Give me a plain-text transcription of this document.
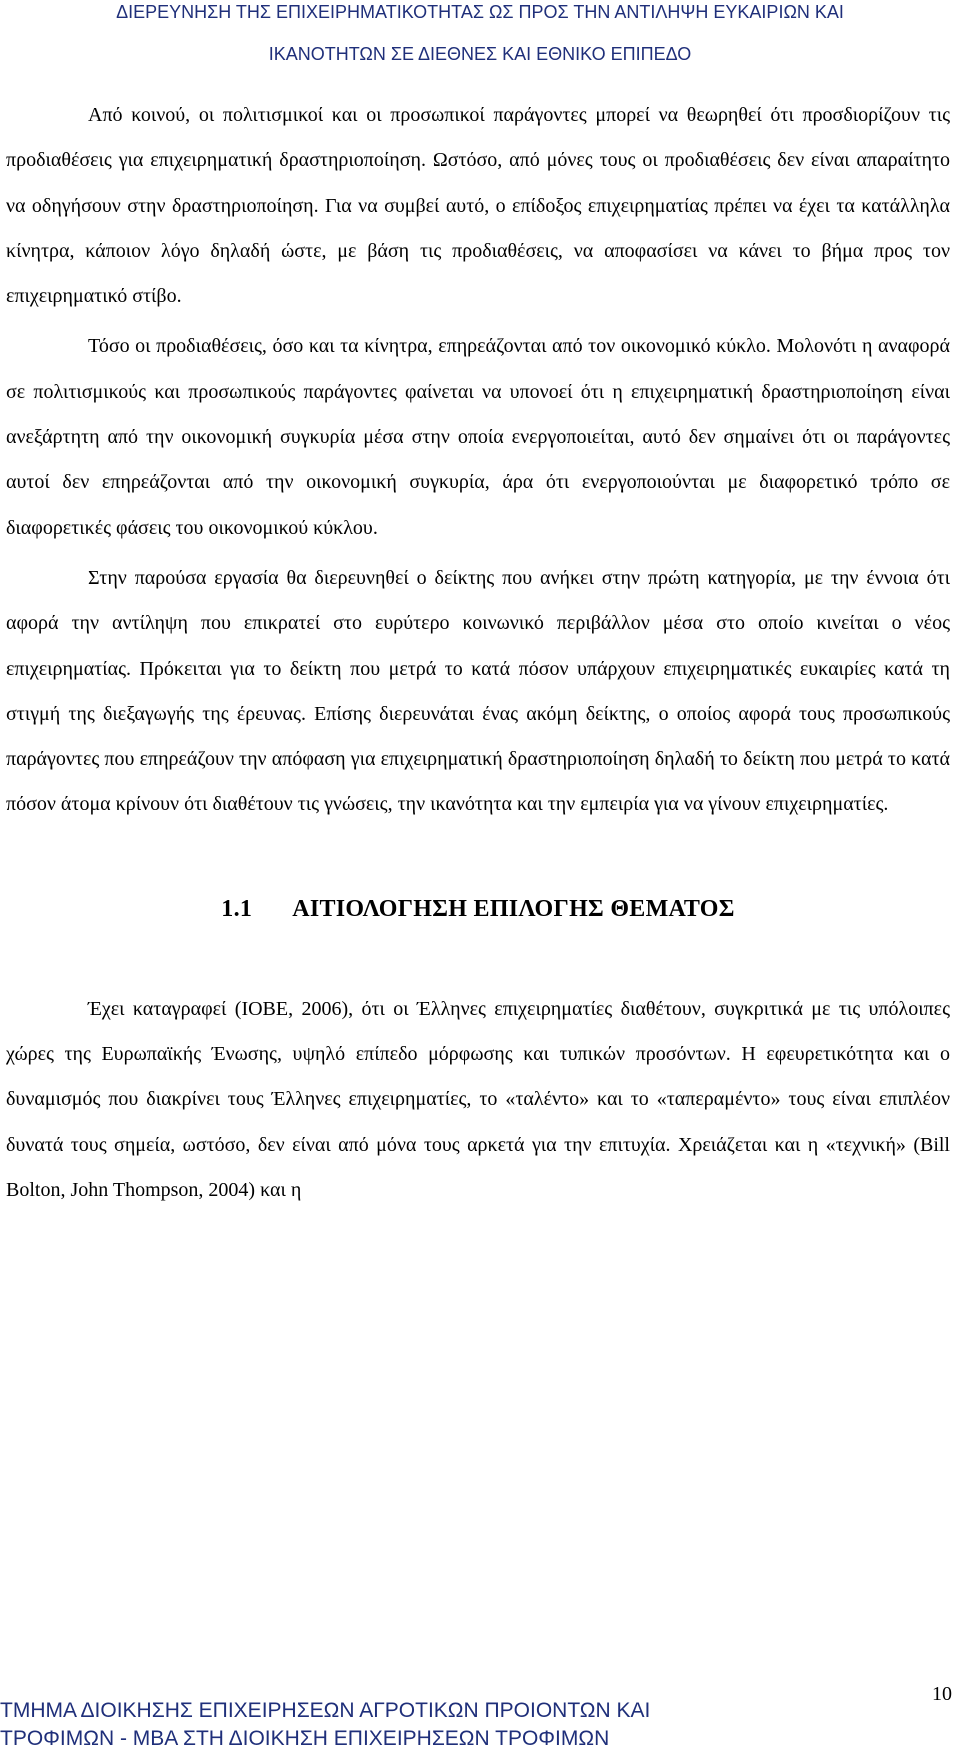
ΔΙΕΡΕΥΝΗΣΗ ΤΗΣ ΕΠΙΧΕΙΡΗΜΑΤΙΚΟΤΗΤΑΣ ΩΣ ΠΡΟΣ ΤΗΝ ΑΝΤΙΛΗΨΗ ΕΥΚΑΙΡΙΩΝ ΚΑΙ
ΙΚΑΝΟΤΗΤΩΝ ΣΕ ΔΙΕΘΝΕΣ ΚΑΙ ΕΘΝΙΚΟ ΕΠΙΠΕΔΟ

Από κοινού, οι πολιτισμικοί και οι προσωπικοί παράγοντες μπορεί να θεωρηθεί ότι προσδιορίζουν τις προδιαθέσεις για επιχειρηματική δραστηριοποίηση. Ωστόσο, από μόνες τους οι προδιαθέσεις δεν είναι απαραίτητο να οδηγήσουν στην δραστηριοποίηση. Για να συμβεί αυτό, ο επίδοξος επιχειρηματίας πρέπει να έχει τα κατάλληλα κίνητρα, κάποιον λόγο δηλαδή ώστε, με βάση τις προδιαθέσεις, να αποφασίσει να κάνει το βήμα προς τον επιχειρηματικό στίβο.

Τόσο οι προδιαθέσεις, όσο και τα κίνητρα, επηρεάζονται από τον οικονομικό κύκλο. Μολονότι η αναφορά σε πολιτισμικούς και προσωπικούς παράγοντες φαίνεται να υπονοεί ότι η επιχειρηματική δραστηριοποίηση είναι ανεξάρτητη από την οικονομική συγκυρία μέσα στην οποία ενεργοποιείται, αυτό δεν σημαίνει ότι οι παράγοντες αυτοί δεν επηρεάζονται από την οικονομική συγκυρία, άρα ότι ενεργοποιούνται με διαφορετικό τρόπο σε διαφορετικές φάσεις του οικονομικού κύκλου.

Στην παρούσα εργασία θα διερευνηθεί ο δείκτης που ανήκει στην πρώτη κατηγορία, με την έννοια ότι αφορά την αντίληψη που επικρατεί στο ευρύτερο κοινωνικό περιβάλλον μέσα στο οποίο κινείται ο νέος επιχειρηματίας. Πρόκειται για το δείκτη που μετρά το κατά πόσον υπάρχουν επιχειρηματικές ευκαιρίες κατά τη στιγμή της διεξαγωγής της έρευνας. Επίσης διερευνάται ένας ακόμη δείκτης, ο οποίος αφορά τους προσωπικούς παράγοντες που επηρεάζουν την απόφαση για επιχειρηματική δραστηριοποίηση δηλαδή το δείκτη που μετρά το κατά πόσον άτομα κρίνουν ότι διαθέτουν τις γνώσεις, την ικανότητα και την εμπειρία για να γίνουν επιχειρηματίες.

1.1 ΑΙΤΙΟΛΟΓΗΣΗ ΕΠΙΛΟΓΗΣ ΘΕΜΑΤΟΣ

Έχει καταγραφεί (ΙΟΒΕ, 2006), ότι οι Έλληνες επιχειρηματίες διαθέτουν, συγκριτικά με τις υπόλοιπες χώρες της Ευρωπαϊκής Ένωσης, υψηλό επίπεδο μόρφωσης και τυπικών προσόντων. Η εφευρετικότητα και ο δυναμισμός που διακρίνει τους Έλληνες επιχειρηματίες, το «ταλέντο» και το «ταπεραμέντο» τους είναι επιπλέον δυνατά τους σημεία, ωστόσο, δεν είναι από μόνα τους αρκετά για την επιτυχία. Χρειάζεται και η «τεχνική» (Bill Bolton, John Thompson, 2004) και η

10
ΤΜΗΜΑ ΔΙΟΙΚΗΣΗΣ ΕΠΙΧΕΙΡΗΣΕΩΝ ΑΓΡΟΤΙΚΩΝ ΠΡΟΙΟΝΤΩΝ ΚΑΙ
ΤΡΟΦΙΜΩΝ - ΜΒΑ ΣΤΗ ΔΙΟΙΚΗΣΗ ΕΠΙΧΕΙΡΗΣΕΩΝ ΤΡΟΦΙΜΩΝ
